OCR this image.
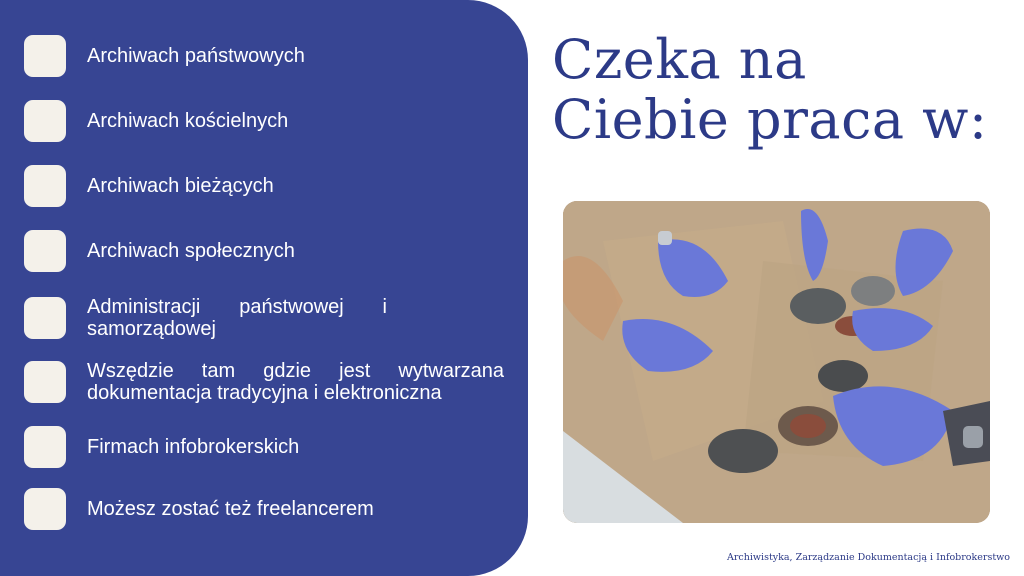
Archiwach państwowych
Archiwach kościelnych
Archiwach bieżących
Archiwach społecznych
Administracji państwowej i samorządowej
Wszędzie tam gdzie jest wytwarzana dokumentacja tradycyjna i elektroniczna
Firmach infobrokerskich
Możesz zostać też freelancerem
Czeka na
Ciebie praca w:
Archiwistyka, Zarządzanie Dokumentacją i Infobrokerstwo
